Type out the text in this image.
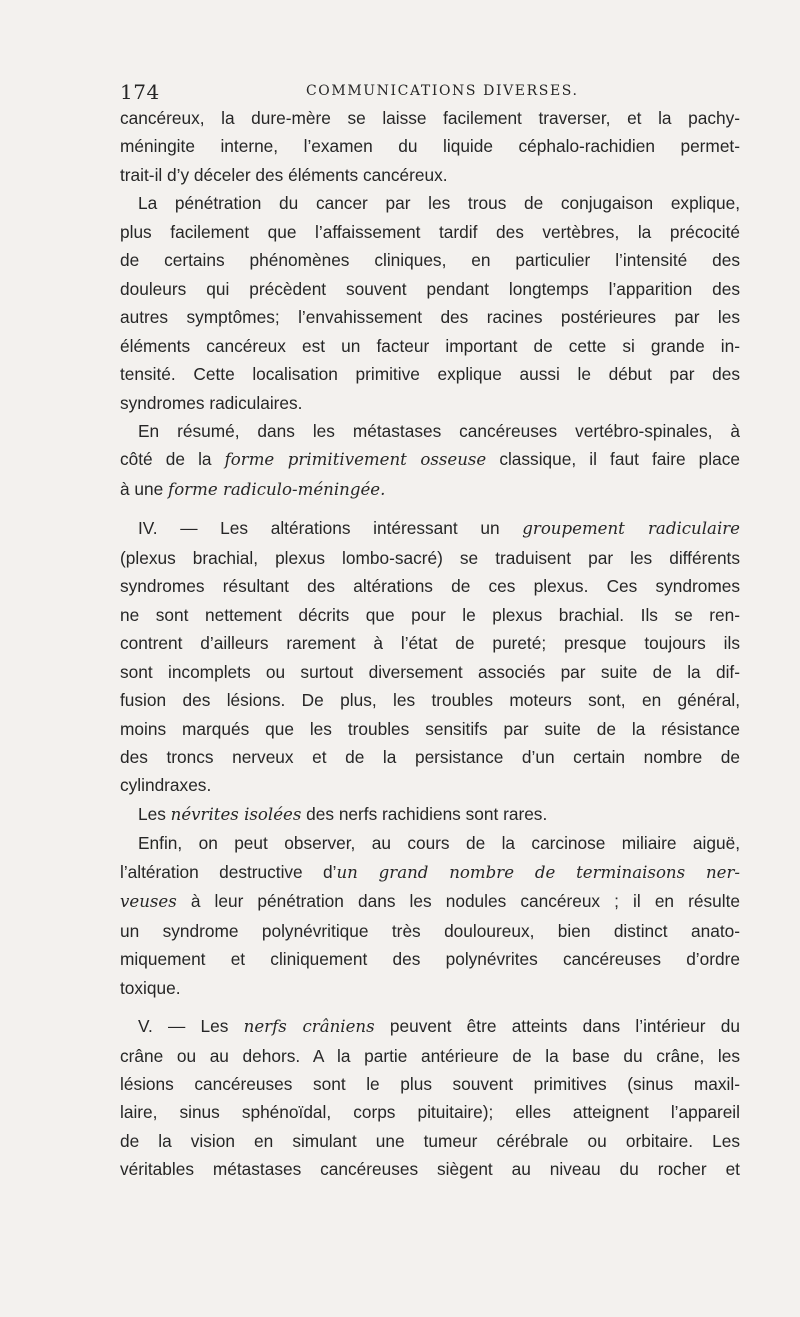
174	COMMUNICATIONS DIVERSES.
cancéreux, la dure-mère se laisse facilement traverser, et la pachy-
méningite interne, l’examen du liquide céphalo-rachidien permet-
trait-il d’y déceler des éléments cancéreux.
La pénétration du cancer par les trous de conjugaison explique,
plus facilement que l’affaissement tardif des vertèbres, la précocité
de certains phénomènes cliniques, en particulier l’intensité des
douleurs qui précèdent souvent pendant longtemps l’apparition des
autres symptômes; l’envahissement des racines postérieures par les
éléments cancéreux est un facteur important de cette si grande in-
tensité. Cette localisation primitive explique aussi le début par des
syndromes radiculaires.
En résumé, dans les métastases cancéreuses vertébro-spinales, à
côté de la forme primitivement osseuse classique, il faut faire place
à une forme radiculo-méningée.
IV. — Les altérations intéressant un groupement radiculaire
(plexus brachial, plexus lombo-sacré) se traduisent par les différents
syndromes résultant des altérations de ces plexus. Ces syndromes
ne sont nettement décrits que pour le plexus brachial. Ils se ren-
contrent d’ailleurs rarement à l’état de pureté; presque toujours ils
sont incomplets ou surtout diversement associés par suite de la dif-
fusion des lésions. De plus, les troubles moteurs sont, en général,
moins marqués que les troubles sensitifs par suite de la résistance
des troncs nerveux et de la persistance d’un certain nombre de
cylindraxes.
Les névrites isolées des nerfs rachidiens sont rares.
Enfin, on peut observer, au cours de la carcinose miliaire aiguë,
l’altération destructive d’un grand nombre de terminaisons ner-
veuses à leur pénétration dans les nodules cancéreux ; il en résulte
un syndrome polynévritique très douloureux, bien distinct anato-
miquement et cliniquement des polynévrites cancéreuses d’ordre
toxique.
V. — Les nerfs crâniens peuvent être atteints dans l’intérieur du
crâne ou au dehors. A la partie antérieure de la base du crâne, les
lésions cancéreuses sont le plus souvent primitives (sinus maxil-
laire, sinus sphénoïdal, corps pituitaire); elles atteignent l’appareil
de la vision en simulant une tumeur cérébrale ou orbitaire. Les
véritables métastases cancéreuses siègent au niveau du rocher et
